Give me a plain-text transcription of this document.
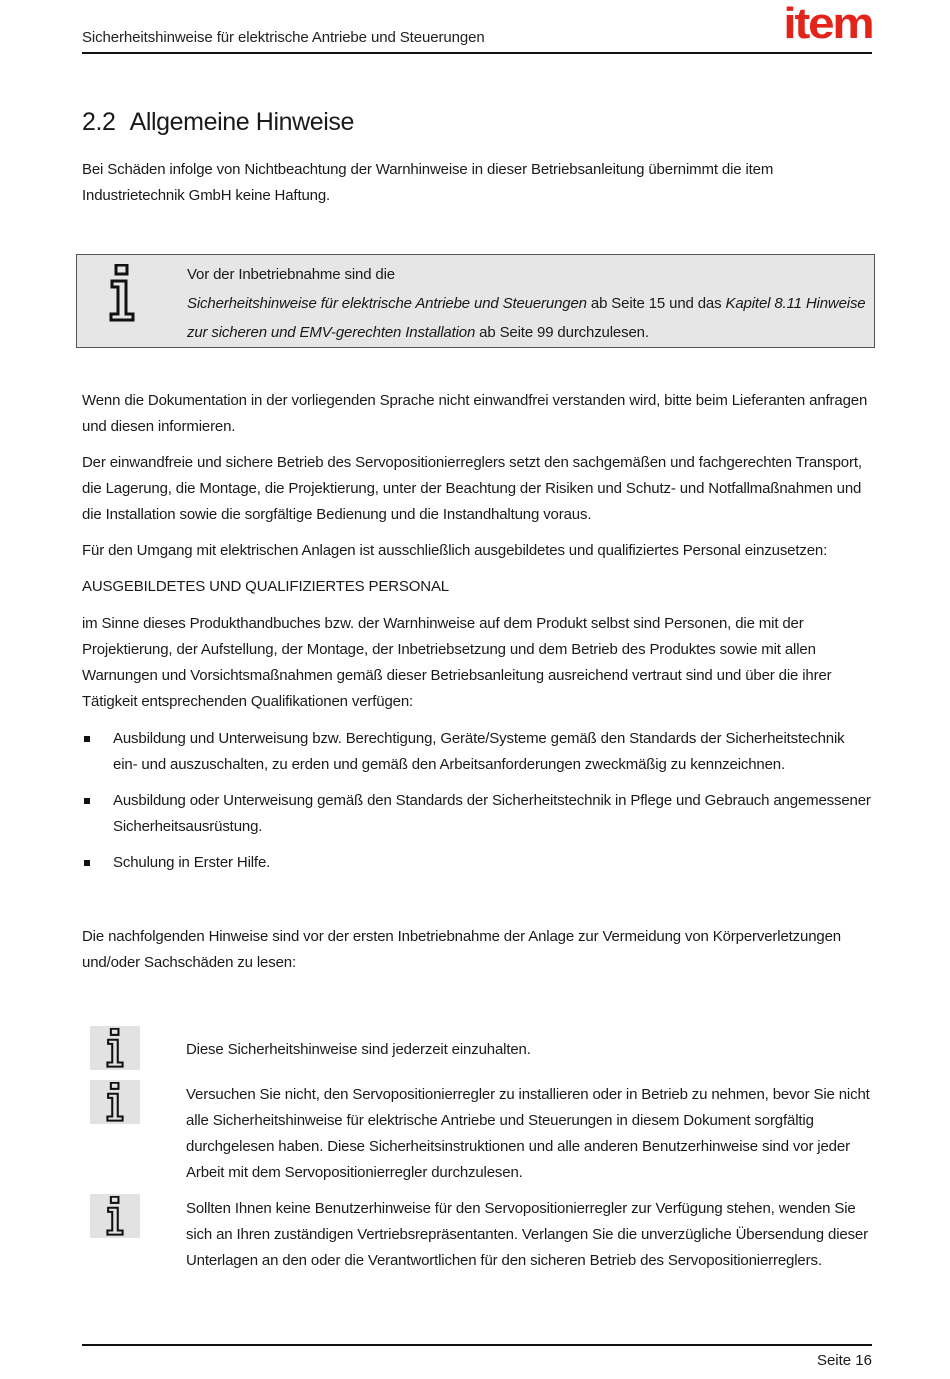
Sicherheitshinweise für elektrische Antriebe und Steuerungen	item
2.2 Allgemeine Hinweise

Bei Schäden infolge von Nichtbeachtung der Warnhinweise in dieser Betriebsanleitung übernimmt die item Industrietechnik GmbH keine Haftung.

Vor der Inbetriebnahme sind die
Sicherheitshinweise für elektrische Antriebe und Steuerungen ab Seite 15 und das Kapitel 8.11 Hinweise zur sicheren und EMV-gerechten Installation ab Seite 99 durchzulesen.

Wenn die Dokumentation in der vorliegenden Sprache nicht einwandfrei verstanden wird, bitte beim Lieferanten anfragen und diesen informieren.

Der einwandfreie und sichere Betrieb des Servopositionierreglers setzt den sachgemäßen und fachgerechten Transport, die Lagerung, die Montage, die Projektierung, unter der Beachtung der Risiken und Schutz- und Notfallmaßnahmen und die Installation sowie die sorgfältige Bedienung und die Instandhaltung voraus.

Für den Umgang mit elektrischen Anlagen ist ausschließlich ausgebildetes und qualifiziertes Personal einzusetzen:

AUSGEBILDETES UND QUALIFIZIERTES PERSONAL

im Sinne dieses Produkthandbuches bzw. der Warnhinweise auf dem Produkt selbst sind Personen, die mit der Projektierung, der Aufstellung, der Montage, der Inbetriebsetzung und dem Betrieb des Produktes sowie mit allen Warnungen und Vorsichtsmaßnahmen gemäß dieser Betriebsanleitung ausreichend vertraut sind und über die ihrer Tätigkeit entsprechenden Qualifikationen verfügen:

Ausbildung und Unterweisung bzw. Berechtigung, Geräte/Systeme gemäß den Standards der Sicherheitstechnik ein- und auszuschalten, zu erden und gemäß den Arbeitsanforderungen zweckmäßig zu kennzeichnen.
Ausbildung oder Unterweisung gemäß den Standards der Sicherheitstechnik in Pflege und Gebrauch angemessener Sicherheitsausrüstung.
Schulung in Erster Hilfe.

Die nachfolgenden Hinweise sind vor der ersten Inbetriebnahme der Anlage zur Vermeidung von Körperverletzungen und/oder Sachschäden zu lesen:

Diese Sicherheitshinweise sind jederzeit einzuhalten.
Versuchen Sie nicht, den Servopositionierregler zu installieren oder in Betrieb zu nehmen, bevor Sie nicht alle Sicherheitshinweise für elektrische Antriebe und Steuerungen in diesem Dokument sorgfältig durchgelesen haben. Diese Sicherheitsinstruktionen und alle anderen Benutzerhinweise sind vor jeder Arbeit mit dem Servopositionierregler durchzulesen.
Sollten Ihnen keine Benutzerhinweise für den Servopositionierregler zur Verfügung stehen, wenden Sie sich an Ihren zuständigen Vertriebsrepräsentanten. Verlangen Sie die unverzügliche Übersendung dieser Unterlagen an den oder die Verantwortlichen für den sicheren Betrieb des Servopositionierreglers.
Seite 16
